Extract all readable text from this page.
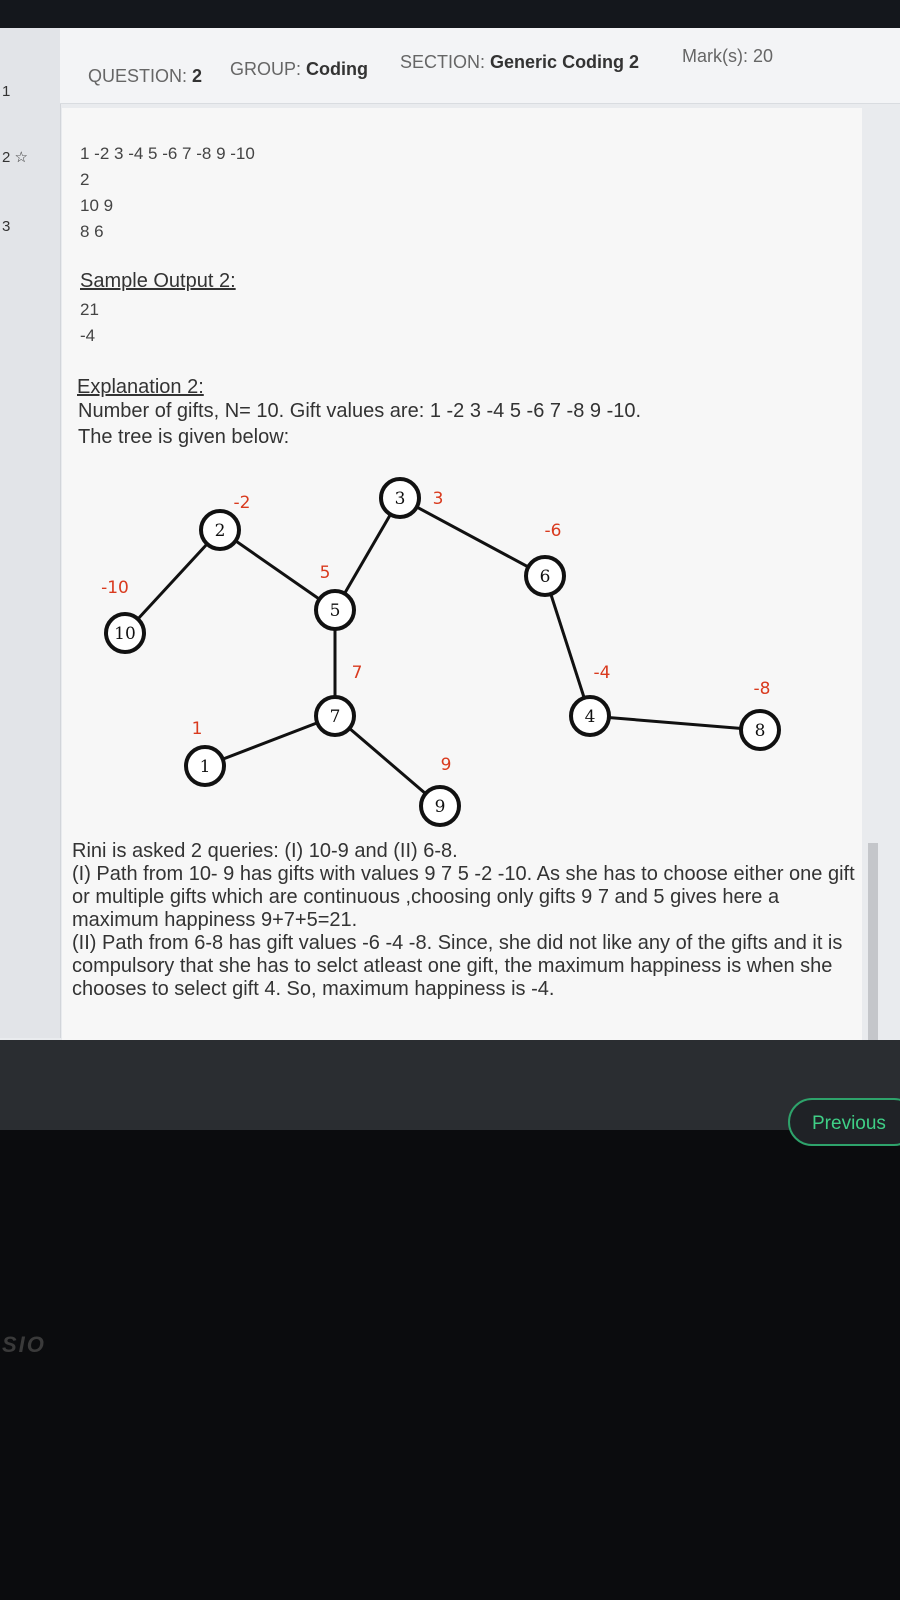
1
2 ☆
3
QUESTION: 2 GROUP: Coding SECTION: Generic Coding 2 Mark(s): 20
1 -2 3 -4 5 -6 7 -8 9 -10
2
10 9
8 6
Sample Output 2:
21
-4
Explanation 2:
Number of gifts, N= 10. Gift values are: 1 -2 3 -4 5 -6 7 -8 9 -10.
The tree is given below:
10
-10
2
-2
5
5
3 3
6
-6
4
-4
8
-8
7
7
1
1
9
9
Rini is asked 2 queries: (I) 10-9 and (II) 6-8.
(I) Path from 10- 9 has gifts with values 9 7 5 -2 -10. As she has to choose either one gift or multiple gifts which are continuous ,choosing only gifts 9 7 and 5 gives here a maximum happiness 9+7+5=21.
(II) Path from 6-8 has gift values -6 -4 -8. Since, she did not like any of the gifts and it is compulsory that she has to selct atleast one gift, the maximum happiness is when she chooses to select gift 4. So, maximum happiness is -4.
Previous
SIO
